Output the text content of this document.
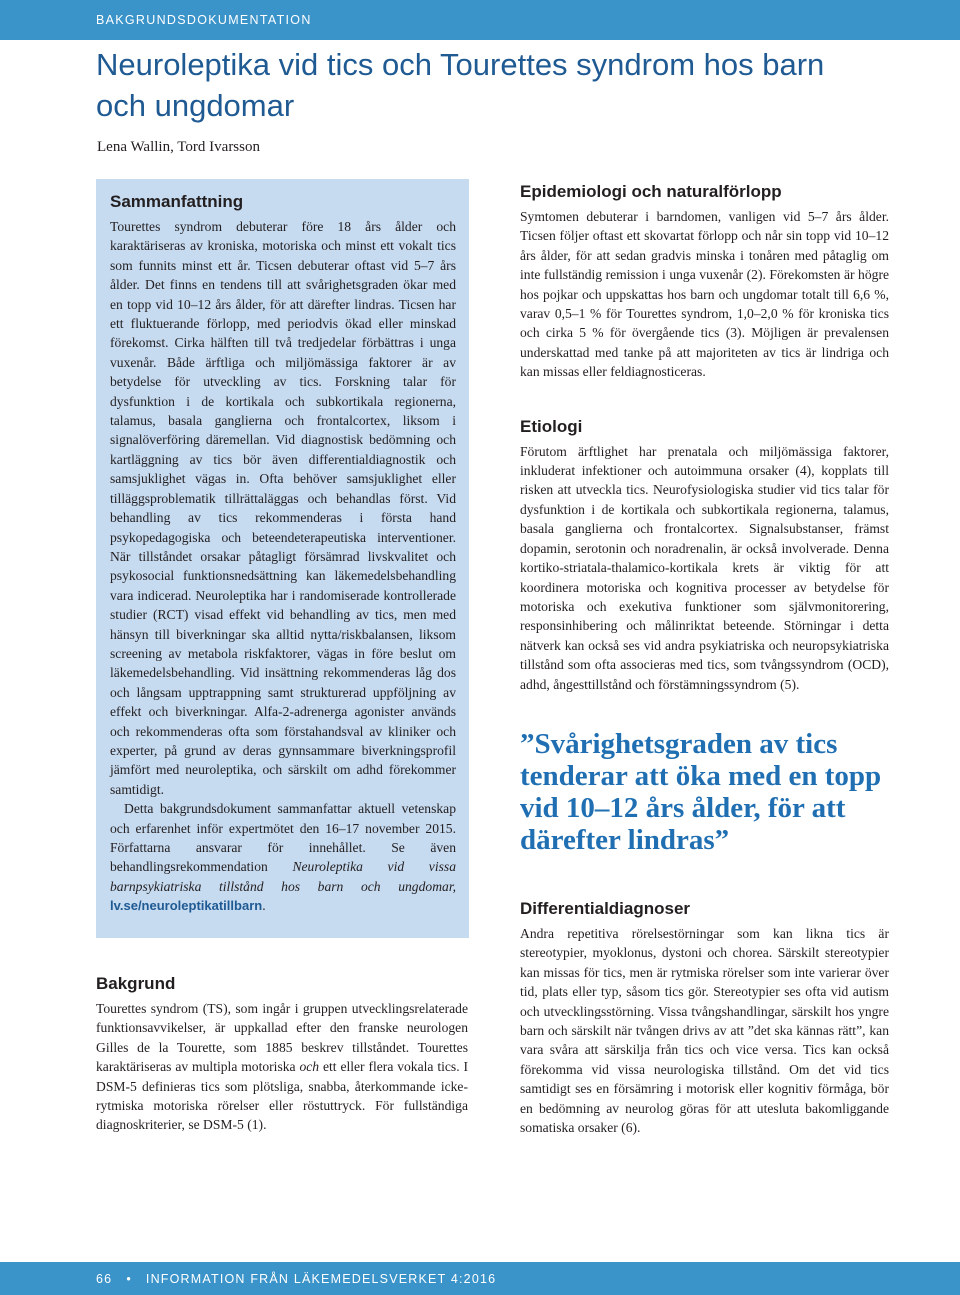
BAKGRUNDSDOKUMENTATION
Neuroleptika vid tics och Tourettes syndrom hos barn och ungdomar
Lena Wallin, Tord Ivarsson
Sammanfattning

Tourettes syndrom debuterar före 18 års ålder och karaktäriseras av kroniska, motoriska och minst ett vokalt tics som funnits minst ett år. Ticsen debuterar oftast vid 5–7 års ålder. Det finns en tendens till att svårighetsgraden ökar med en topp vid 10–12 års ålder, för att därefter lindras. Ticsen har ett fluktuerande förlopp, med periodvis ökad eller minskad förekomst. Cirka hälften till två tredjedelar förbättras i unga vuxenår. Både ärftliga och miljömässiga faktorer är av betydelse för utveckling av tics. Forskning talar för dysfunktion i de kortikala och subkortikala regionerna, talamus, basala ganglierna och frontalcortex, liksom i signalöverföring däremellan. Vid diagnostisk bedömning och kartläggning av tics bör även differentialdiagnostik och samsjuklighet vägas in. Ofta behöver samsjuklighet eller tilläggsproblematik tillrättaläggas och behandlas först. Vid behandling av tics rekommenderas i första hand psykopedagogiska och beteendeterapeutiska interventioner. När tillståndet orsakar påtagligt försämrad livskvalitet och psykosocial funktionsnedsättning kan läkemedelsbehandling vara indicerad. Neuroleptika har i randomiserade kontrollerade studier (RCT) visad effekt vid behandling av tics, men med hänsyn till biverkningar ska alltid nytta/riskbalansen, liksom screening av metabola riskfaktorer, vägas in före beslut om läkemedelsbehandling. Vid insättning rekommenderas låg dos och långsam upptrappning samt strukturerad uppföljning av effekt och biverkningar. Alfa-2-adrenerga agonister används och rekommenderas ofta som förstahandsval av kliniker och experter, på grund av deras gynnsammare biverkningsprofil jämfört med neuroleptika, och särskilt om adhd förekommer samtidigt.

Detta bakgrundsdokument sammanfattar aktuell vetenskap och erfarenhet inför expertmötet den 16–17 november 2015. Författarna ansvarar för innehållet. Se även behandlingsrekommendation Neuroleptika vid vissa barnpsykiatriska tillstånd hos barn och ungdomar, lv.se/neuroleptikatillbarn.

Bakgrund

Tourettes syndrom (TS), som ingår i gruppen utvecklingsrelaterade funktionsavvikelser, är uppkallad efter den franske neurologen Gilles de la Tourette, som 1885 beskrev tillståndet. Tourettes karaktäriseras av multipla motoriska och ett eller flera vokala tics. I DSM-5 definieras tics som plötsliga, snabba, återkommande icke-rytmiska motoriska rörelser eller röstuttryck. För fullständiga diagnoskriterier, se DSM-5 (1).

Epidemiologi och naturalförlopp

Symtomen debuterar i barndomen, vanligen vid 5–7 års ålder. Ticsen följer oftast ett skovartat förlopp och når sin topp vid 10–12 års ålder, för att sedan gradvis minska i tonåren med påtaglig om inte fullständig remission i unga vuxenår (2). Förekomsten är högre hos pojkar och uppskattas hos barn och ungdomar totalt till 6,6 %, varav 0,5–1 % för Tourettes syndrom, 1,0–2,0 % för kroniska tics och cirka 5 % för övergående tics (3). Möjligen är prevalensen underskattad med tanke på att majoriteten av tics är lindriga och kan missas eller feldiagnosticeras.

Etiologi

Förutom ärftlighet har prenatala och miljömässiga faktorer, inkluderat infektioner och autoimmuna orsaker (4), kopplats till risken att utveckla tics. Neurofysiologiska studier vid tics talar för dysfunktion i de kortikala och subkortikala regionerna, talamus, basala ganglierna och frontalcortex. Signalsubstanser, främst dopamin, serotonin och noradrenalin, är också involverade. Denna kortiko-striatala-thalamico-kortikala krets är viktig för att koordinera motoriska och kognitiva processer av betydelse för motoriska och exekutiva funktioner som självmonitorering, responsinhibering och målinriktat beteende. Störningar i detta nätverk kan också ses vid andra psykiatriska och neuropsykiatriska tillstånd som ofta associeras med tics, som tvångssyndrom (OCD), adhd, ångesttillstånd och förstämningssyndrom (5).

”Svårighetsgraden av tics tenderar att öka med en topp vid 10–12 års ålder, för att därefter lindras”

Differentialdiagnoser

Andra repetitiva rörelsestörningar som kan likna tics är stereotypier, myoklonus, dystoni och chorea. Särskilt stereotypier kan missas för tics, men är rytmiska rörelser som inte varierar över tid, plats eller typ, såsom tics gör. Stereotypier ses ofta vid autism och utvecklingsstörning. Vissa tvångshandlingar, särskilt hos yngre barn och särskilt när tvången drivs av att ”det ska kännas rätt”, kan vara svåra att särskilja från tics och vice versa. Tics kan också förekomma vid vissa neurologiska tillstånd. Om det vid tics samtidigt ses en försämring i motorisk eller kognitiv förmåga, bör en bedömning av neurolog göras för att utesluta bakomliggande somatiska orsaker (6).

66 • INFORMATION FRÅN LÄKEMEDELSVERKET 4:2016
